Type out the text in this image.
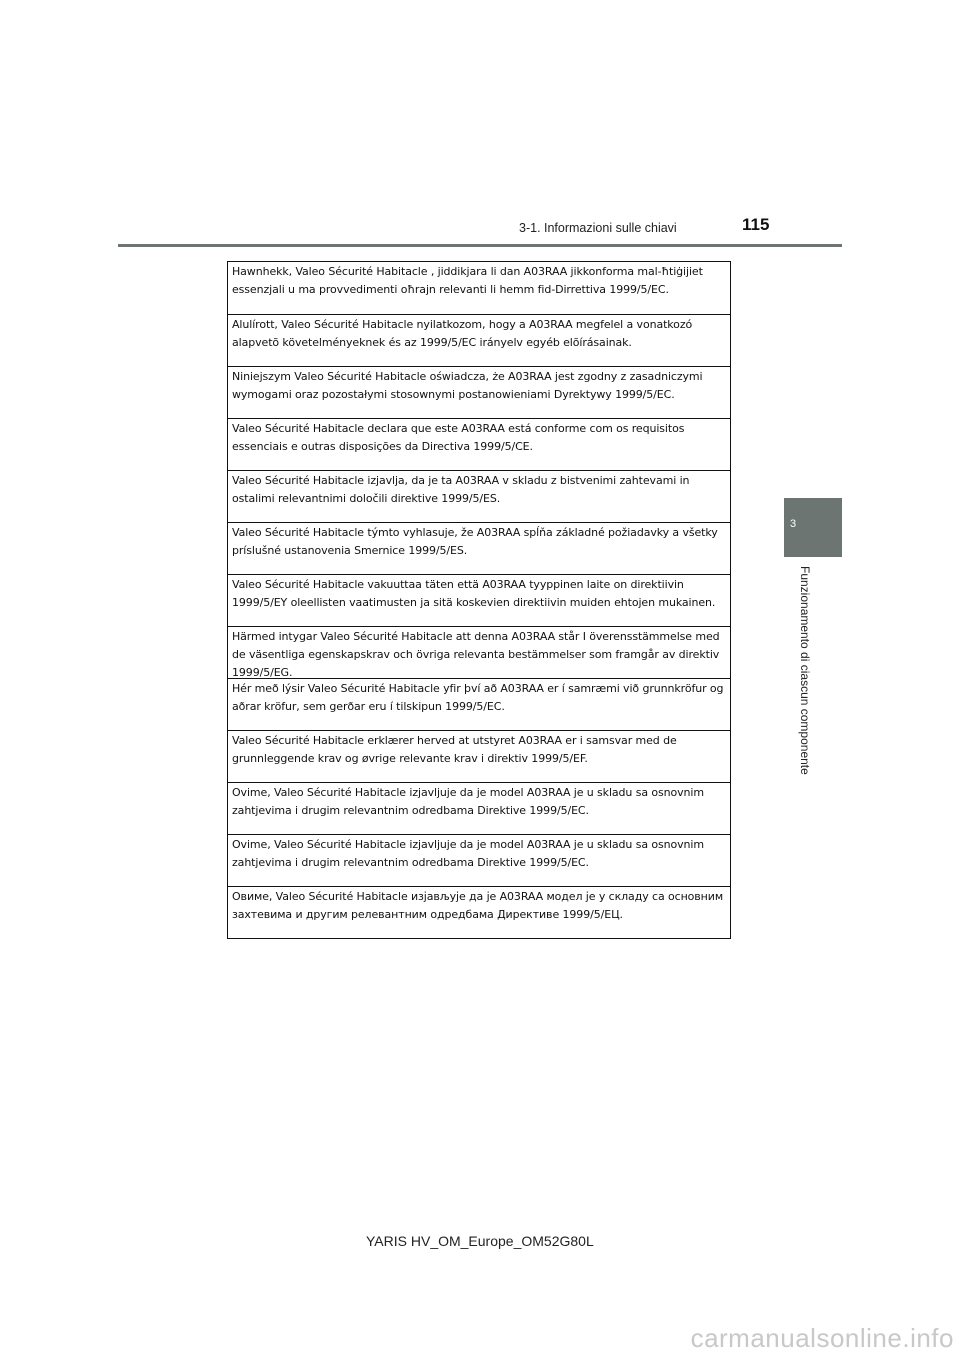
3-1. Informazioni sulle chiavi	115
3
Funzionamento di ciascun componente
Hawnhekk, Valeo Sécurité Habitacle , jiddikjara li dan A03RAA jikkonforma mal-ħtiġijiet essenzjali u ma provvedimenti oħrajn relevanti li hemm fid-Dirrettiva 1999/5/EC.
Alulírott, Valeo Sécurité Habitacle nyilatkozom, hogy a A03RAA megfelel a vonatkozó alapvetõ követelményeknek és az 1999/5/EC irányelv egyéb elõírásainak.
Niniejszym Valeo Sécurité Habitacle oświadcza, że A03RAA jest zgodny z zasadniczymi wymogami oraz pozostałymi stosownymi postanowieniami Dyrektywy 1999/5/EC.
Valeo Sécurité Habitacle declara que este A03RAA está conforme com os requisitos essenciais e outras disposições da Directiva 1999/5/CE.
Valeo Sécurité Habitacle izjavlja, da je ta A03RAA v skladu z bistvenimi zahtevami in ostalimi relevantnimi določili direktive 1999/5/ES.
Valeo Sécurité Habitacle týmto vyhlasuje, že A03RAA spĺňa základné požiadavky a všetky príslušné ustanovenia Smernice 1999/5/ES.
Valeo Sécurité Habitacle vakuuttaa täten että A03RAA tyyppinen laite on direktiivin 1999/5/EY oleellisten vaatimusten ja sitä koskevien direktiivin muiden ehtojen mukainen.
Härmed intygar Valeo Sécurité Habitacle att denna A03RAA står I överensstämmelse med de väsentliga egenskapskrav och övriga relevanta bestämmelser som framgår av direktiv 1999/5/EG.
Hér með lýsir Valeo Sécurité Habitacle yfir því að A03RAA er í samræmi við grunnkröfur og aðrar kröfur, sem gerðar eru í tilskipun 1999/5/EC.
Valeo Sécurité Habitacle erklærer herved at utstyret A03RAA er i samsvar med de grunnleggende krav og øvrige relevante krav i direktiv 1999/5/EF.
Ovime, Valeo Sécurité Habitacle izjavljuje da je model A03RAA je u skladu sa osnovnim zahtjevima i drugim relevantnim odredbama Direktive 1999/5/EC.
Ovime, Valeo Sécurité Habitacle izjavljuje da je model A03RAA je u skladu sa osnovnim zahtjevima i drugim relevantnim odredbama Direktive 1999/5/EC.
Овиме, Valeo Sécurité Habitacle изјављује да је A03RAA модел је у складу са основним захтевима и другим релевантним одредбама Директиве 1999/5/ЕЦ.
YARIS HV_OM_Europe_OM52G80L
carmanualsonline.info
